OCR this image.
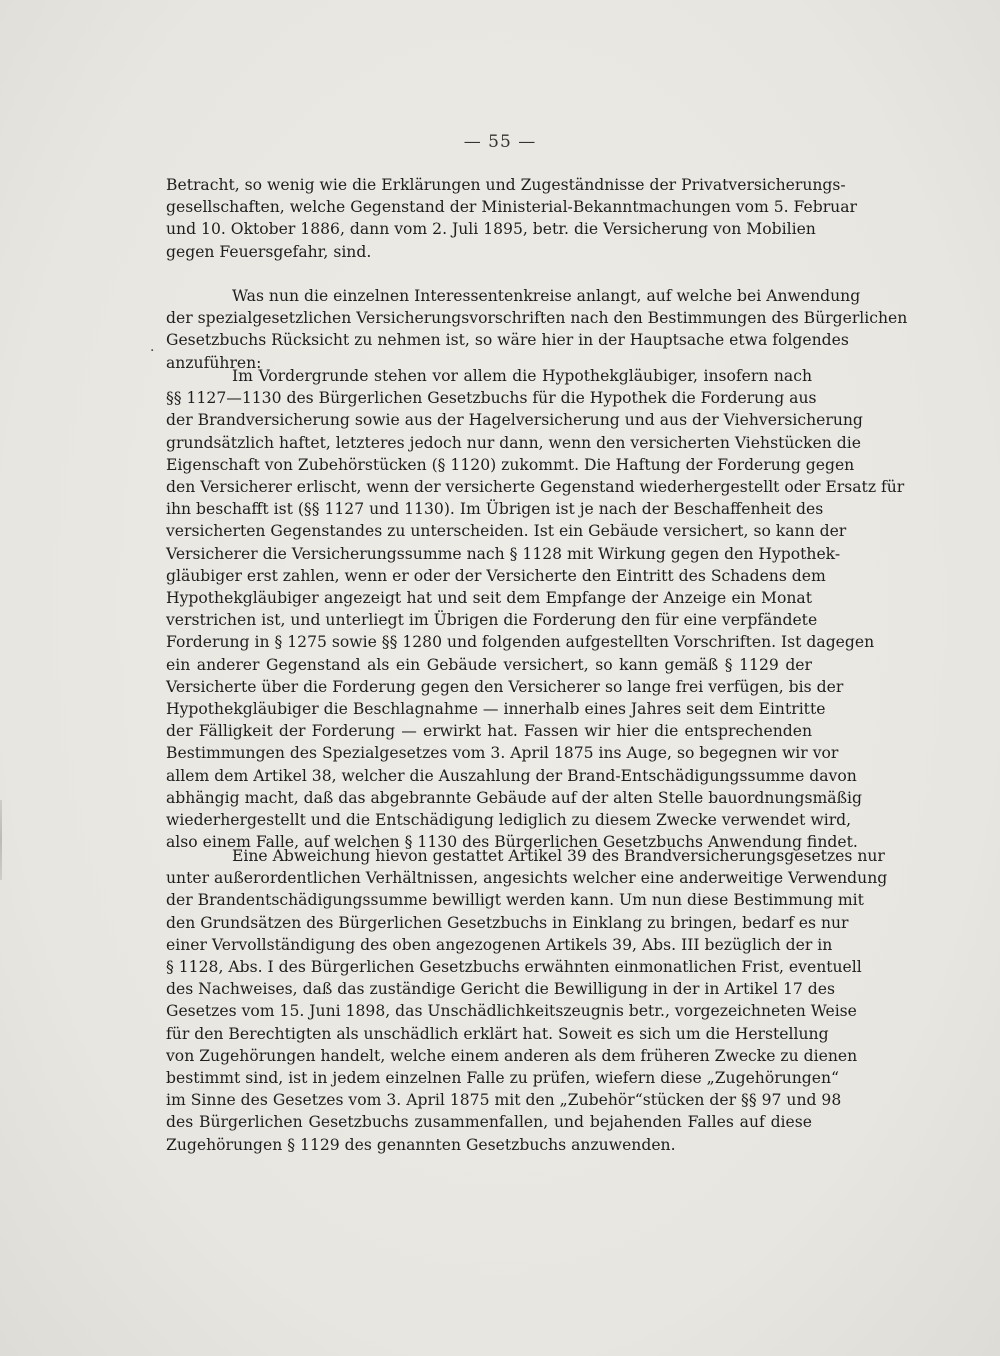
— 55 —
·
Betracht, so wenig wie die Erklärungen und Zugeständnisse der Privatversicherungs-
gesellschaften, welche Gegenstand der Ministerial-Bekanntmachungen vom 5. Februar
und 10. Oktober 1886, dann vom 2. Juli 1895, betr. die Versicherung von Mobilien
gegen Feuersgefahr, sind.
Was nun die einzelnen Interessentenkreise anlangt, auf welche bei Anwendung
der spezialgesetzlichen Versicherungsvorschriften nach den Bestimmungen des Bürgerlichen
Gesetzbuchs Rücksicht zu nehmen ist, so wäre hier in der Hauptsache etwa folgendes
anzuführen:
Im Vordergrunde stehen vor allem die Hypothekgläubiger, insofern nach
§§ 1127—1130 des Bürgerlichen Gesetzbuchs für die Hypothek die Forderung aus
der Brandversicherung sowie aus der Hagelversicherung und aus der Viehversicherung
grundsätzlich haftet, letzteres jedoch nur dann, wenn den versicherten Viehstücken die
Eigenschaft von Zubehörstücken (§ 1120) zukommt. Die Haftung der Forderung gegen
den Versicherer erlischt, wenn der versicherte Gegenstand wiederhergestellt oder Ersatz für
ihn beschafft ist (§§ 1127 und 1130). Im Übrigen ist je nach der Beschaffenheit des
versicherten Gegenstandes zu unterscheiden. Ist ein Gebäude versichert, so kann der
Versicherer die Versicherungssumme nach § 1128 mit Wirkung gegen den Hypothek-
gläubiger erst zahlen, wenn er oder der Versicherte den Eintritt des Schadens dem
Hypothekgläubiger angezeigt hat und seit dem Empfange der Anzeige ein Monat
verstrichen ist, und unterliegt im Übrigen die Forderung den für eine verpfändete
Forderung in § 1275 sowie §§ 1280 und folgenden aufgestellten Vorschriften. Ist dagegen
ein anderer Gegenstand als ein Gebäude versichert, so kann gemäß § 1129 der
Versicherte über die Forderung gegen den Versicherer so lange frei verfügen, bis der
Hypothekgläubiger die Beschlagnahme — innerhalb eines Jahres seit dem Eintritte
der Fälligkeit der Forderung — erwirkt hat. Fassen wir hier die entsprechenden
Bestimmungen des Spezialgesetzes vom 3. April 1875 ins Auge, so begegnen wir vor
allem dem Artikel 38, welcher die Auszahlung der Brand-Entschädigungssumme davon
abhängig macht, daß das abgebrannte Gebäude auf der alten Stelle bauordnungsmäßig
wiederhergestellt und die Entschädigung lediglich zu diesem Zwecke verwendet wird,
also einem Falle, auf welchen § 1130 des Bürgerlichen Gesetzbuchs Anwendung findet.
Eine Abweichung hievon gestattet Artikel 39 des Brandversicherungsgesetzes nur
unter außerordentlichen Verhältnissen, angesichts welcher eine anderweitige Verwendung
der Brandentschädigungssumme bewilligt werden kann. Um nun diese Bestimmung mit
den Grundsätzen des Bürgerlichen Gesetzbuchs in Einklang zu bringen, bedarf es nur
einer Vervollständigung des oben angezogenen Artikels 39, Abs. III bezüglich der in
§ 1128, Abs. I des Bürgerlichen Gesetzbuchs erwähnten einmonatlichen Frist, eventuell
des Nachweises, daß das zuständige Gericht die Bewilligung in der in Artikel 17 des
Gesetzes vom 15. Juni 1898, das Unschädlichkeitszeugnis betr., vorgezeichneten Weise
für den Berechtigten als unschädlich erklärt hat. Soweit es sich um die Herstellung
von Zugehörungen handelt, welche einem anderen als dem früheren Zwecke zu dienen
bestimmt sind, ist in jedem einzelnen Falle zu prüfen, wiefern diese „Zugehörungen“
im Sinne des Gesetzes vom 3. April 1875 mit den „Zubehör“stücken der §§ 97 und 98
des Bürgerlichen Gesetzbuchs zusammenfallen, und bejahenden Falles auf diese
Zugehörungen § 1129 des genannten Gesetzbuchs anzuwenden.
